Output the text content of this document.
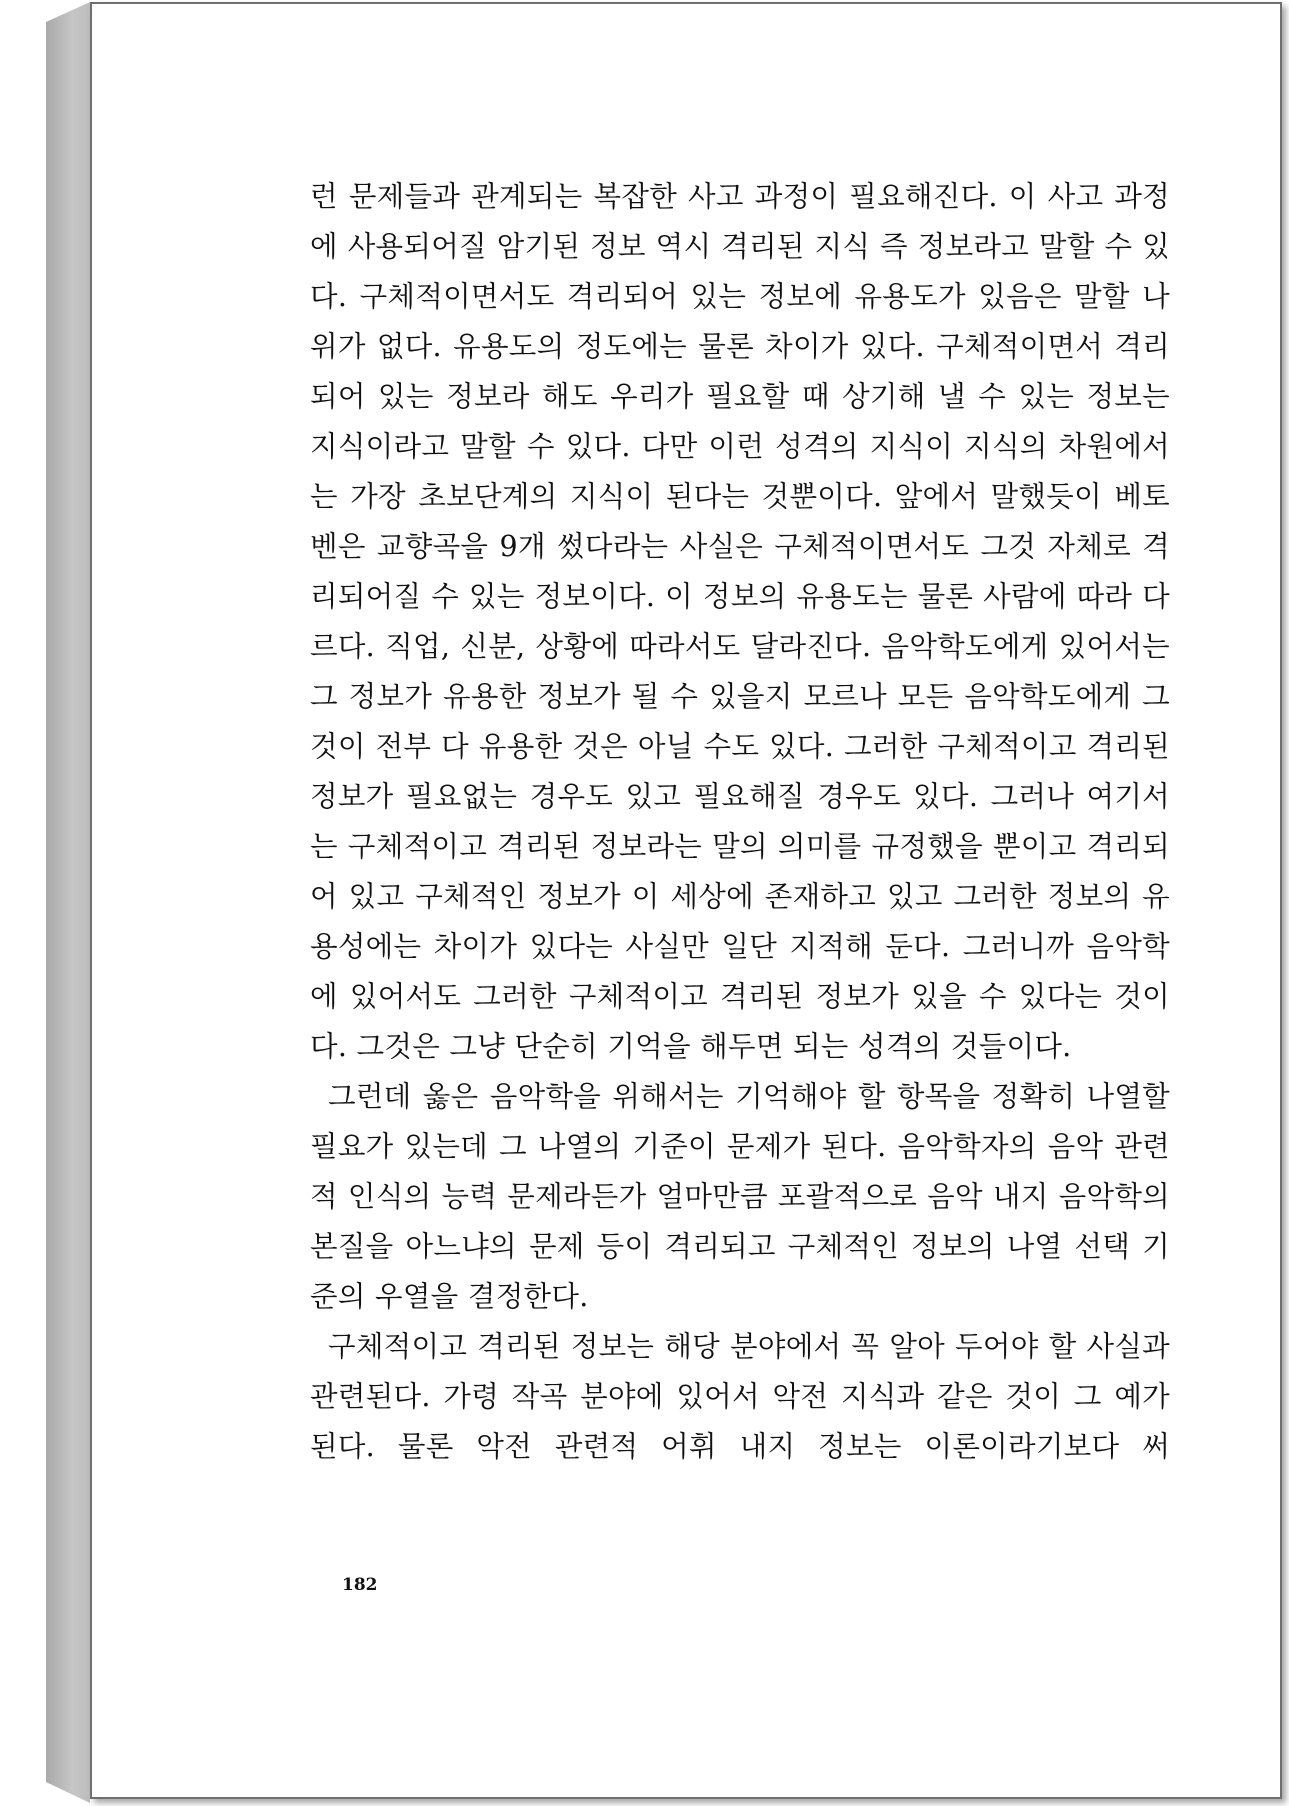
런 문제들과 관계되는 복잡한 사고 과정이 필요해진다. 이 사고 과정에 사용되어질 암기된 정보 역시 격리된 지식 즉 정보라고 말할 수 있다. 구체적이면서도 격리되어 있는 정보에 유용도가 있음은 말할 나위가 없다. 유용도의 정도에는 물론 차이가 있다. 구체적이면서 격리되어 있는 정보라 해도 우리가 필요할 때 상기해 낼 수 있는 정보는 지식이라고 말할 수 있다. 다만 이런 성격의 지식이 지식의 차원에서는 가장 초보단계의 지식이 된다는 것뿐이다. 앞에서 말했듯이 베토벤은 교향곡을 9개 썼다라는 사실은 구체적이면서도 그것 자체로 격리되어질 수 있는 정보이다. 이 정보의 유용도는 물론 사람에 따라 다르다. 직업, 신분, 상황에 따라서도 달라진다. 음악학도에게 있어서는 그 정보가 유용한 정보가 될 수 있을지 모르나 모든 음악학도에게 그것이 전부 다 유용한 것은 아닐 수도 있다. 그러한 구체적이고 격리된 정보가 필요없는 경우도 있고 필요해질 경우도 있다. 그러나 여기서는 구체적이고 격리된 정보라는 말의 의미를 규정했을 뿐이고 격리되어 있고 구체적인 정보가 이 세상에 존재하고 있고 그러한 정보의 유용성에는 차이가 있다는 사실만 일단 지적해 둔다. 그러니까 음악학에 있어서도 그러한 구체적이고 격리된 정보가 있을 수 있다는 것이다. 그것은 그냥 단순히 기억을 해두면 되는 성격의 것들이다.

그런데 옳은 음악학을 위해서는 기억해야 할 항목을 정확히 나열할 필요가 있는데 그 나열의 기준이 문제가 된다. 음악학자의 음악 관련적 인식의 능력 문제라든가 얼마만큼 포괄적으로 음악 내지 음악학의 본질을 아느냐의 문제 등이 격리되고 구체적인 정보의 나열 선택 기준의 우열을 결정한다.

구체적이고 격리된 정보는 해당 분야에서 꼭 알아 두어야 할 사실과 관련된다. 가령 작곡 분야에 있어서 악전 지식과 같은 것이 그 예가 된다. 물론 악전 관련적 어휘 내지 정보는 이론이라기보다 써

182
